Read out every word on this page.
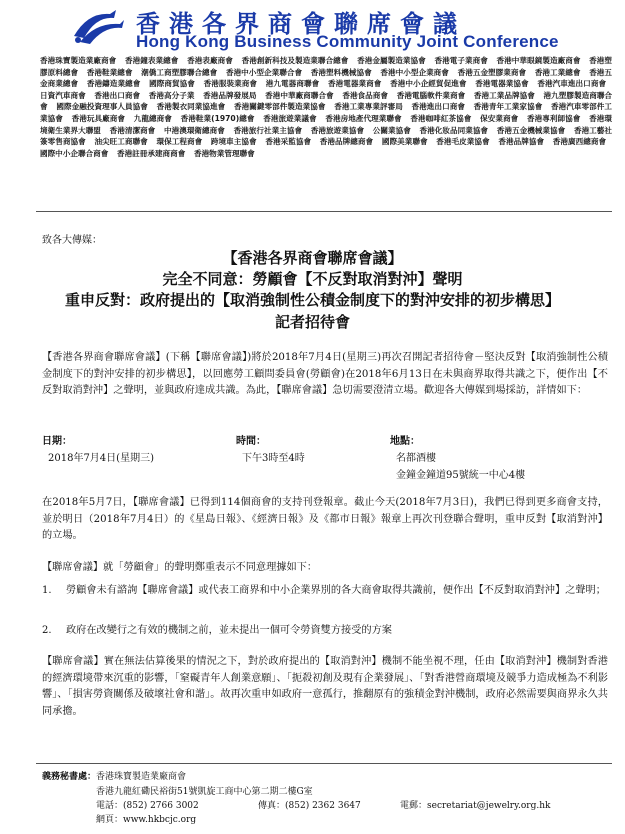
香港各界商會聯席會議
Hong Kong Business Community Joint Conference
香港珠寶製造業廠商會 香港鐘表業總會 香港表廠商會 香港創新科技及製造業聯合總會 香港金屬製造業協會 香港電子業商會 香港中華眼鏡製造廠商會 香港塑膠原料總會 香港鞋業總會 潮僑工商塑膠聯合總會 香港中小型企業聯合會 香港塑料機械協會 香港中小型企業商會 香港五金塑膠業商會 香港工業總會 香港五金商業總會 香港鑄造業總會 國際商貿協會 香港服裝業商會 港九電器商聯會 香港電器業商會 香港中小企經貿促進會 香港電器業協會 香港汽車進出口商會 日資汽車商會 香港出口商會 香港高分子業 香港品牌發展局 香港中華廠商聯合會 香港食品商會 香港電腦軟件業商會 香港工業品牌協會 港九塑膠製造商聯合會 國際金融投資理事人員協會 香港製衣同業協進會 香港關鍵零部件製造業協會 香港工業專業評審局 香港進出口商會 香港青年工業家協會 香港汽車零部件工業協會 香港玩具廠商會 九龍總商會 香港鞋業(1970)總會 香港旅遊業議會 香港房地產代理業聯會 香港咖啡紅茶協會 保安業商會 香港專利師協會 香港環境衛生業界大聯盟 香港清潔商會 中港澳環衛總商會 香港旅行社業主協會 香港旅遊業協會 公關業協會 香港化妝品同業協會 香港五金機械業協會 香港工藝社簽零售商協會 油尖旺工商聯會 環保工程商會 跨境車主協會 香港采監協會 香港品牌總商會 國際美業聯會 香港毛皮業協會 香港品牌協會 香港廣西總商會 國際中小企聯合商會 香港註冊承建商商會 香港物業管理聯會
致各大傳媒：
【香港各界商會聯席會議】
完全不同意：勞顧會【不反對取消對沖】聲明
重申反對：政府提出的【取消強制性公積金制度下的對沖安排的初步構思】
記者招待會
【香港各界商會聯席會議】(下稱【聯席會議】)將於2018年7月4日(星期三)再次召開記者招待會－堅決反對【取消強制性公積金制度下的對沖安排的初步構思】，以回應勞工顧問委員會(勞顧會)在2018年6月13日在未與商界取得共識之下，便作出【不反對取消對沖】之聲明，並與政府達成共識。為此，【聯席會議】急切需要澄清立場。歡迎各大傳媒到場採訪，詳情如下：
日期：
2018年7月4日(星期三)
時間：
下午3時至4時
地點：
名都酒樓
金鐘金鐘道95號統一中心4樓
在2018年5月7日，【聯席會議】已得到114個商會的支持刊登報章。截止今天(2018年7月3日)，我們已得到更多商會支持，並於明日（2018年7月4日）的《星島日報》、《經濟日報》及《都市日報》報章上再次刊登聯合聲明，重申反對【取消對沖】的立場。
【聯席會議】就「勞顧會」的聲明鄭重表示不同意理據如下：
1. 勞顧會未有諮詢【聯席會議】或代表工商界和中小企業界別的各大商會取得共識前，便作出【不反對取消對沖】之聲明；
2. 政府在改變行之有效的機制之前，並未提出一個可令勞資雙方接受的方案
【聯席會議】實在無法估算後果的情況之下，對於政府提出的【取消對沖】機制不能坐視不理，任由【取消對沖】機制對香港的經濟環境帶來沉重的影響，「窒礙青年人創業意願」、「扼殺初創及現有企業發展」、「對香港營商環境及競爭力造成極為不利影響」、「損害勞資關係及破壞社會和諧」。故再次重申如政府一意孤行，推翻原有的強積金對沖機制，政府必然需要與商界永久共同承擔。
義務秘書處：香港珠寶製造業廠商會
香港九龍紅磡民裕街51號凱旋工商中心第二期二樓G室
電話：(852) 2766 3002	傳真：(852) 2362 3647	電郵：secretariat@jewelry.org.hk
網頁：www.hkbcjc.org
